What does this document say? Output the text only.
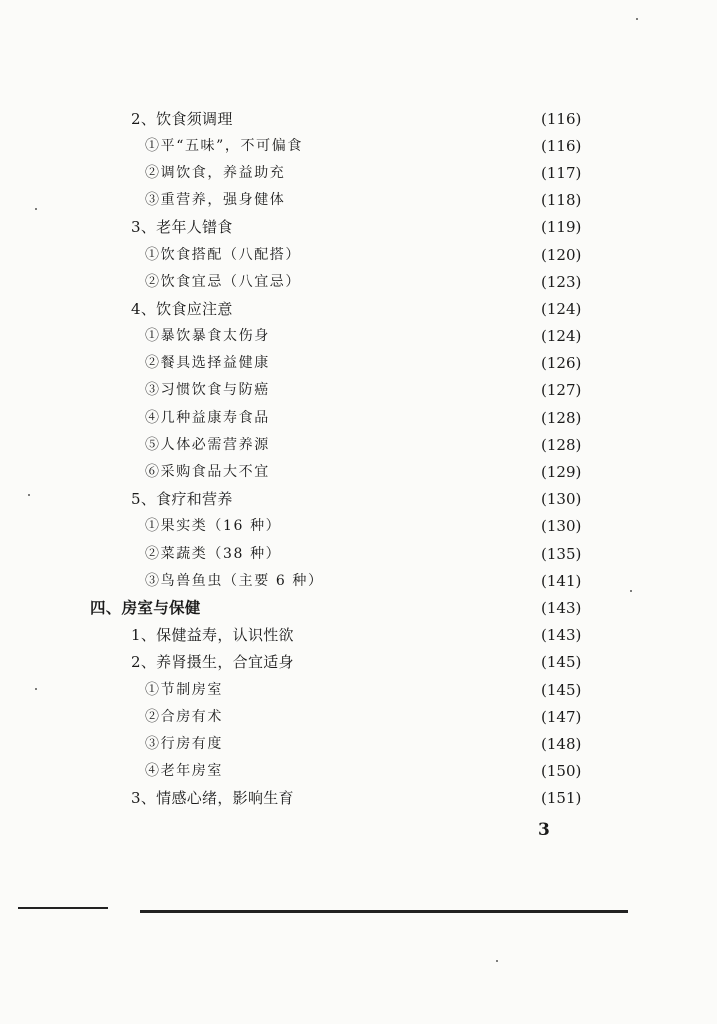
2、饮食须调理	(116)
①平“五味”，不可偏食	(116)
②调饮食，养益助充	(117)
③重营养，强身健体	(118)
3、老年人镨食	(119)
①饮食搭配（八配搭）	(120)
②饮食宜忌（八宜忌）	(123)
4、饮食应注意	(124)
①暴饮暴食太伤身	(124)
②餐具选择益健康	(126)
③习惯饮食与防癌	(127)
④几种益康寿食品	(128)
⑤人体必需营养源	(128)
⑥采购食品大不宜	(129)
5、食疗和营养	(130)
①果实类（16 种）	(130)
②菜蔬类（38 种）	(135)
③鸟兽鱼虫（主要 6 种）	(141)
四、房室与保健	(143)
1、保健益寿，认识性欲	(143)
2、养肾摄生，合宜适身	(145)
①节制房室	(145)
②合房有术	(147)
③行房有度	(148)
④老年房室	(150)
3、情感心绪，影响生育	(151)
3
